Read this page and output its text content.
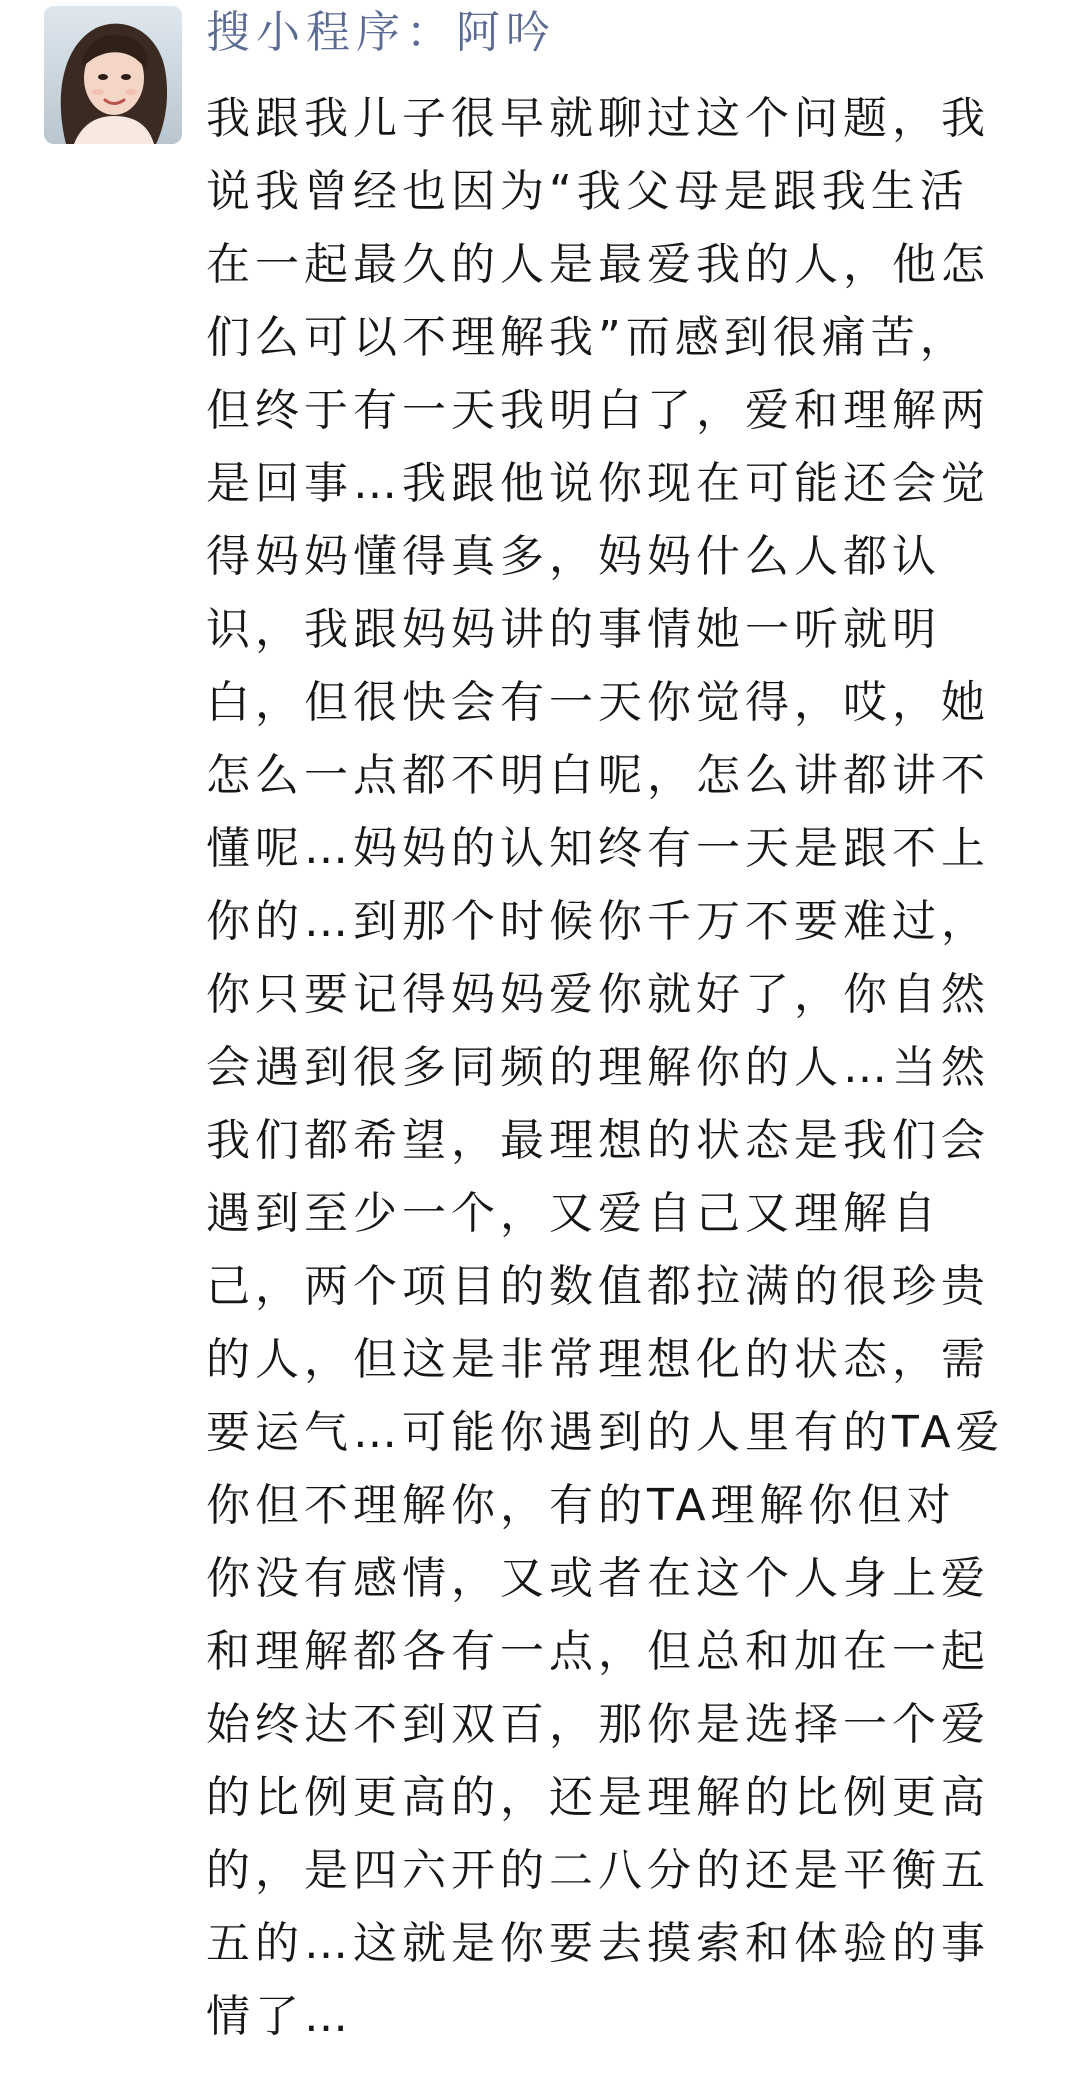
搜小程序：阿吟
我跟我儿子很早就聊过这个问题，我
说我曾经也因为“我父母是跟我生活
在一起最久的人是最爱我的人，他怎
们么可以不理解我”而感到很痛苦，
但终于有一天我明白了，爱和理解两
是回事…我跟他说你现在可能还会觉
得妈妈懂得真多，妈妈什么人都认
识，我跟妈妈讲的事情她一听就明
白，但很快会有一天你觉得，哎，她
怎么一点都不明白呢，怎么讲都讲不
懂呢…妈妈的认知终有一天是跟不上
你的…到那个时候你千万不要难过，
你只要记得妈妈爱你就好了，你自然
会遇到很多同频的理解你的人…当然
我们都希望，最理想的状态是我们会
遇到至少一个，又爱自己又理解自
己，两个项目的数值都拉满的很珍贵
的人，但这是非常理想化的状态，需
要运气…可能你遇到的人里有的TA爱
你但不理解你，有的TA理解你但对
你没有感情，又或者在这个人身上爱
和理解都各有一点，但总和加在一起
始终达不到双百，那你是选择一个爱
的比例更高的，还是理解的比例更高
的，是四六开的二八分的还是平衡五
五的…这就是你要去摸索和体验的事
情了…
